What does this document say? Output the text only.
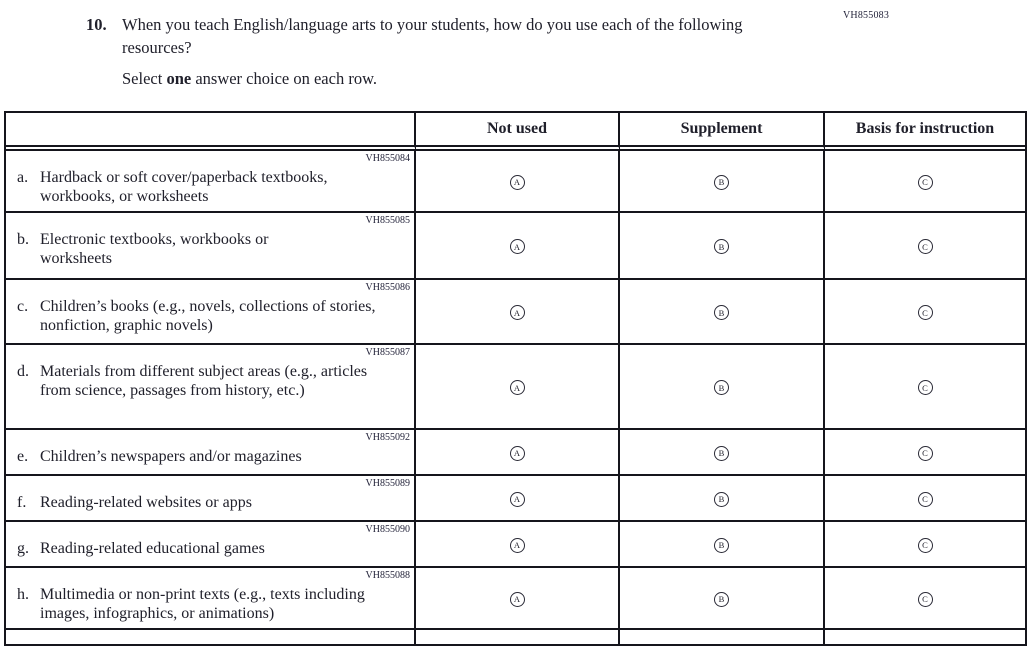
VH855083
10. When you teach English/language arts to your students, how do you use each of the following resources?
Select one answer choice on each row.
	Not used	Supplement	Basis for instruction

VH855084
a. Hardback or soft cover/paperback textbooks, workbooks, or worksheets	A	B	C

VH855085
b. Electronic textbooks, workbooks or worksheets	A	B	C

VH855086
c. Children’s books (e.g., novels, collections of stories, nonfiction, graphic novels)	A	B	C

VH855087
d. Materials from different subject areas (e.g., articles from science, passages from history, etc.)	A	B	C

VH855092
e. Children’s newspapers and/or magazines	A	B	C

VH855089
f. Reading-related websites or apps	A	B	C

VH855090
g. Reading-related educational games	A	B	C

VH855088
h. Multimedia or non-print texts (e.g., texts including images, infographics, or animations)	A	B	C
